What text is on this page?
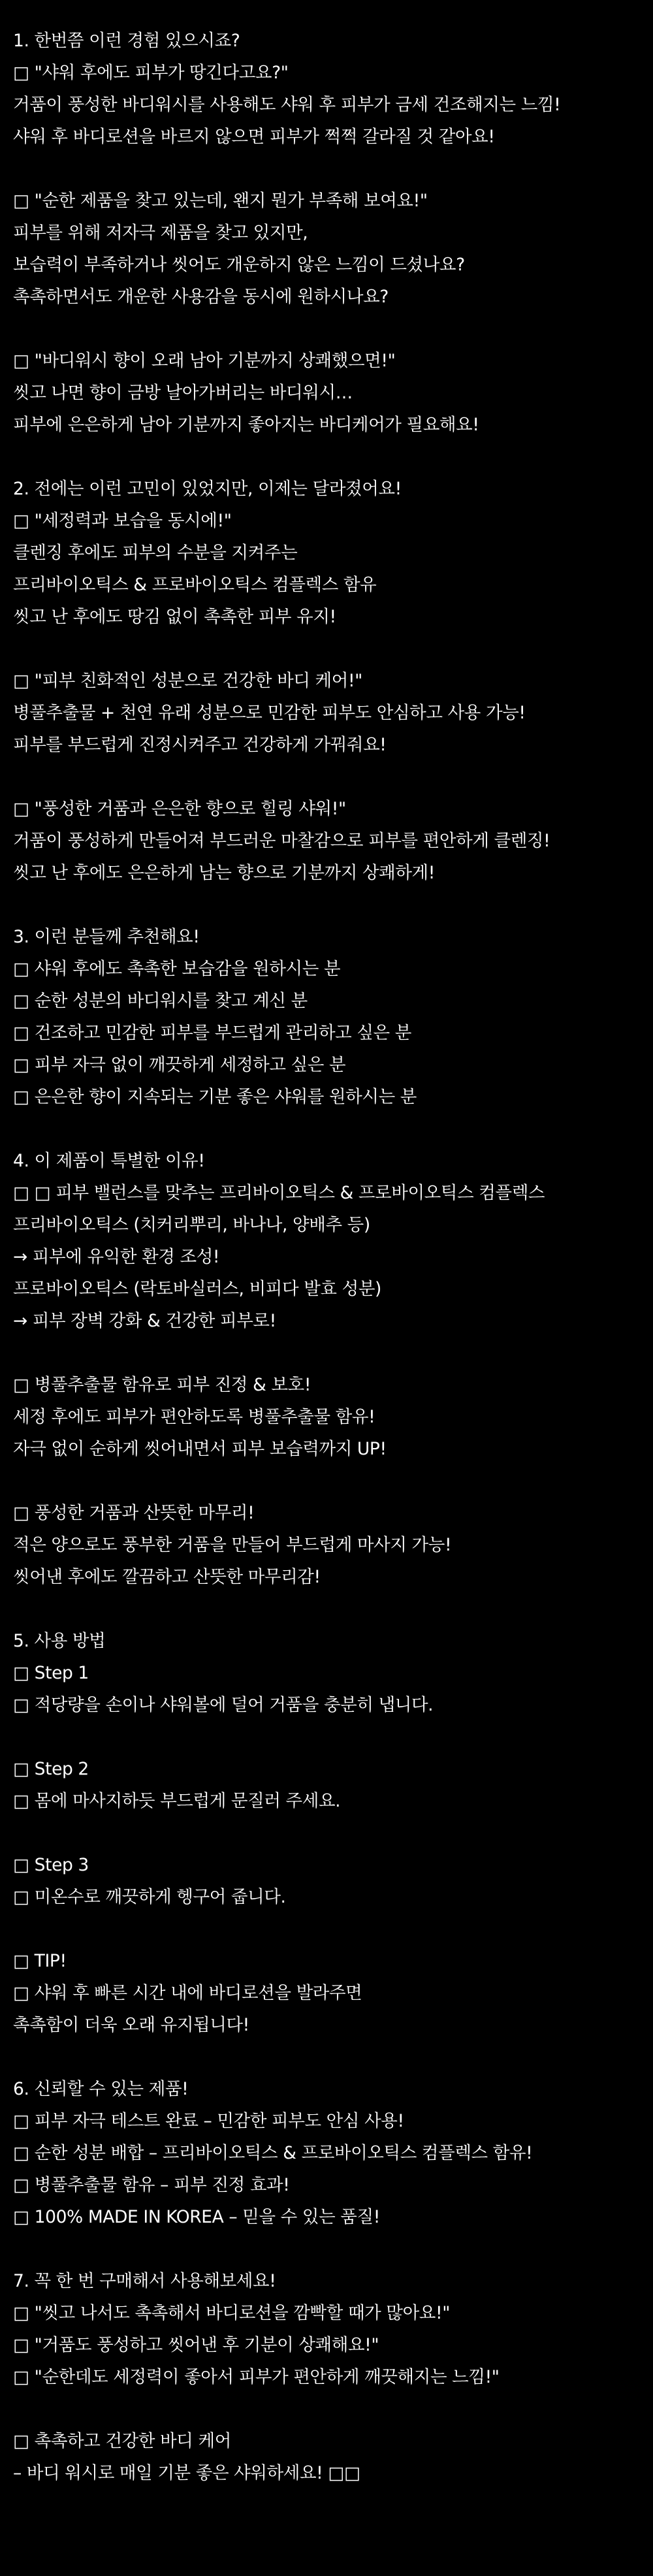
1. 한번쯤 이런 경험 있으시죠?
□ "샤워 후에도 피부가 땅긴다고요?"
거품이 풍성한 바디워시를 사용해도 샤워 후 피부가 금세 건조해지는 느낌!
샤워 후 바디로션을 바르지 않으면 피부가 쩍쩍 갈라질 것 같아요!
□ "순한 제품을 찾고 있는데, 왠지 뭔가 부족해 보여요!"
피부를 위해 저자극 제품을 찾고 있지만,
보습력이 부족하거나 씻어도 개운하지 않은 느낌이 드셨나요?
촉촉하면서도 개운한 사용감을 동시에 원하시나요?
□ "바디워시 향이 오래 남아 기분까지 상쾌했으면!"
씻고 나면 향이 금방 날아가버리는 바디워시…
피부에 은은하게 남아 기분까지 좋아지는 바디케어가 필요해요!
2. 전에는 이런 고민이 있었지만, 이제는 달라졌어요!
□ "세정력과 보습을 동시에!"
클렌징 후에도 피부의 수분을 지켜주는
프리바이오틱스 & 프로바이오틱스 컴플렉스 함유
씻고 난 후에도 땅김 없이 촉촉한 피부 유지!
□ "피부 친화적인 성분으로 건강한 바디 케어!"
병풀추출물 + 천연 유래 성분으로 민감한 피부도 안심하고 사용 가능!
피부를 부드럽게 진정시켜주고 건강하게 가꿔줘요!
□ "풍성한 거품과 은은한 향으로 힐링 샤워!"
거품이 풍성하게 만들어져 부드러운 마찰감으로 피부를 편안하게 클렌징!
씻고 난 후에도 은은하게 남는 향으로 기분까지 상쾌하게!
3. 이런 분들께 추천해요!
□ 샤워 후에도 촉촉한 보습감을 원하시는 분
□ 순한 성분의 바디워시를 찾고 계신 분
□ 건조하고 민감한 피부를 부드럽게 관리하고 싶은 분
□ 피부 자극 없이 깨끗하게 세정하고 싶은 분
□ 은은한 향이 지속되는 기분 좋은 샤워를 원하시는 분
4. 이 제품이 특별한 이유!
□ □ 피부 밸런스를 맞추는 프리바이오틱스 & 프로바이오틱스 컴플렉스
프리바이오틱스 (치커리뿌리, 바나나, 양배추 등)
→ 피부에 유익한 환경 조성!
프로바이오틱스 (락토바실러스, 비피다 발효 성분)
→ 피부 장벽 강화 & 건강한 피부로!
□ 병풀추출물 함유로 피부 진정 & 보호!
세정 후에도 피부가 편안하도록 병풀추출물 함유!
자극 없이 순하게 씻어내면서 피부 보습력까지 UP!
□ 풍성한 거품과 산뜻한 마무리!
적은 양으로도 풍부한 거품을 만들어 부드럽게 마사지 가능!
씻어낸 후에도 깔끔하고 산뜻한 마무리감!
5. 사용 방법
□ Step 1
□ 적당량을 손이나 샤워볼에 덜어 거품을 충분히 냅니다.
□ Step 2
□ 몸에 마사지하듯 부드럽게 문질러 주세요.
□ Step 3
□ 미온수로 깨끗하게 헹구어 줍니다.
□ TIP!
□ 샤워 후 빠른 시간 내에 바디로션을 발라주면
촉촉함이 더욱 오래 유지됩니다!
6. 신뢰할 수 있는 제품!
□ 피부 자극 테스트 완료 – 민감한 피부도 안심 사용!
□ 순한 성분 배합 – 프리바이오틱스 & 프로바이오틱스 컴플렉스 함유!
□ 병풀추출물 함유 – 피부 진정 효과!
□ 100% MADE IN KOREA – 믿을 수 있는 품질!
7. 꼭 한 번 구매해서 사용해보세요!
□ "씻고 나서도 촉촉해서 바디로션을 깜빡할 때가 많아요!"
□ "거품도 풍성하고 씻어낸 후 기분이 상쾌해요!"
□ "순한데도 세정력이 좋아서 피부가 편안하게 깨끗해지는 느낌!"
□ 촉촉하고 건강한 바디 케어
– 바디 워시로 매일 기분 좋은 샤워하세요! □□
